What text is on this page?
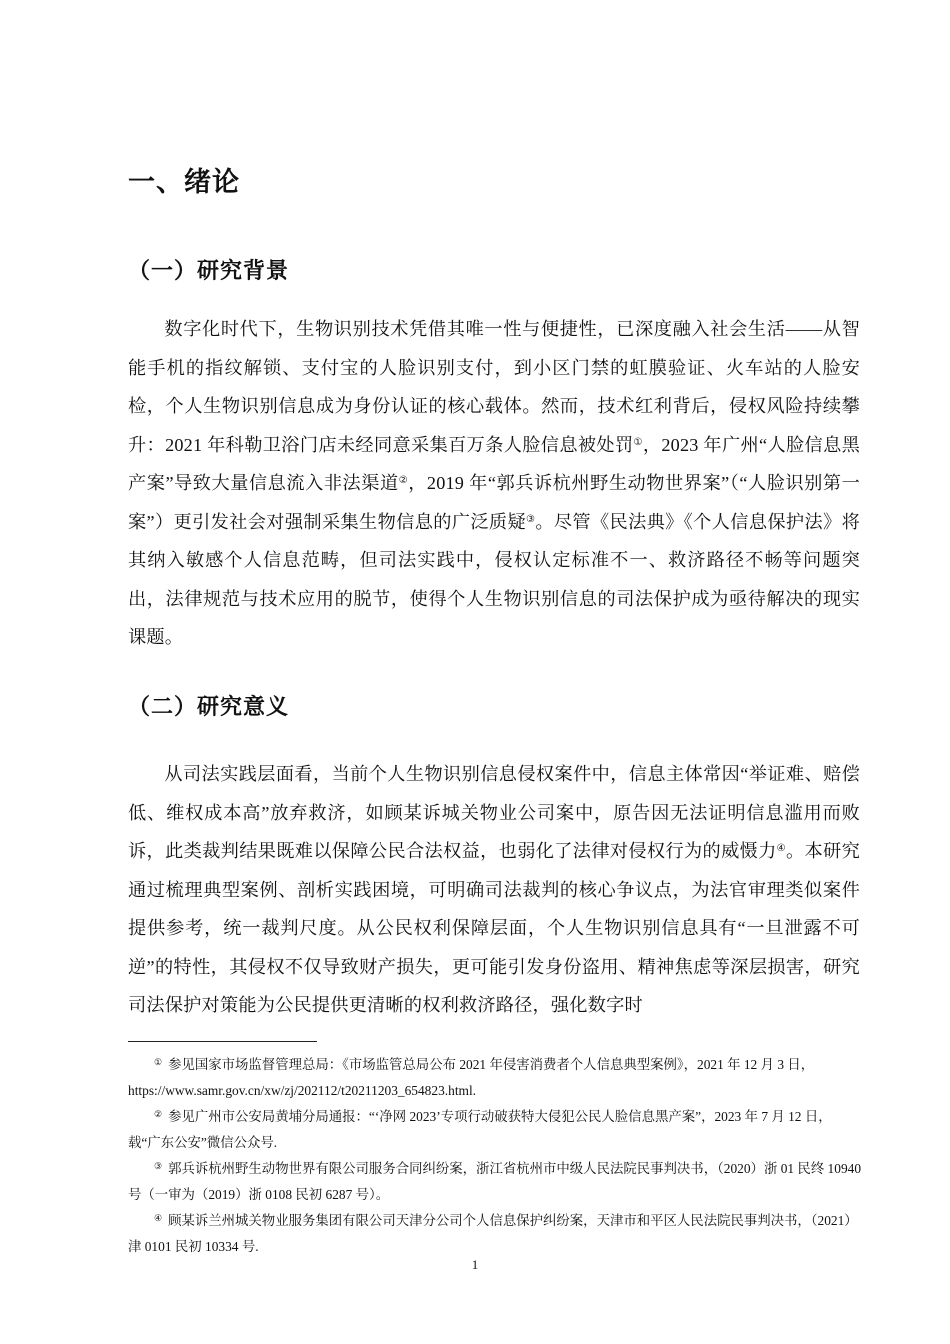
一、绪论
（一）研究背景

数字化时代下，生物识别技术凭借其唯一性与便捷性，已深度融入社会生活——从智能手机的指纹解锁、支付宝的人脸识别支付，到小区门禁的虹膜验证、火车站的人脸安检，个人生物识别信息成为身份认证的核心载体。然而，技术红利背后，侵权风险持续攀升：2021 年科勒卫浴门店未经同意采集百万条人脸信息被处罚①，2023 年广州“人脸信息黑产案”导致大量信息流入非法渠道②，2019 年“郭兵诉杭州野生动物世界案”（“人脸识别第一案”）更引发社会对强制采集生物信息的广泛质疑③。尽管《民法典》《个人信息保护法》将其纳入敏感个人信息范畴，但司法实践中，侵权认定标准不一、救济路径不畅等问题突出，法律规范与技术应用的脱节，使得个人生物识别信息的司法保护成为亟待解决的现实课题。

（二）研究意义

从司法实践层面看，当前个人生物识别信息侵权案件中，信息主体常因“举证难、赔偿低、维权成本高”放弃救济，如顾某诉城关物业公司案中，原告因无法证明信息滥用而败诉，此类裁判结果既难以保障公民合法权益，也弱化了法律对侵权行为的威慑力④。本研究通过梳理典型案例、剖析实践困境，可明确司法裁判的核心争议点，为法官审理类似案件提供参考，统一裁判尺度。从公民权利保障层面，个人生物识别信息具有“一旦泄露不可逆”的特性，其侵权不仅导致财产损失，更可能引发身份盗用、精神焦虑等深层损害，研究司法保护对策能为公民提供更清晰的权利救济路径，强化数字时

① 参见国家市场监督管理总局：《市场监管总局公布 2021 年侵害消费者个人信息典型案例》，2021 年 12 月 3 日，https://www.samr.gov.cn/xw/zj/202112/t20211203_654823.html.

② 参见广州市公安局黄埔分局通报：“‘净网 2023’专项行动破获特大侵犯公民人脸信息黑产案”，2023 年 7 月 12 日，载“广东公安”微信公众号.

③ 郭兵诉杭州野生动物世界有限公司服务合同纠纷案，浙江省杭州市中级人民法院民事判决书，（2020）浙 01 民终 10940 号（一审为（2019）浙 0108 民初 6287 号）。

④ 顾某诉兰州城关物业服务集团有限公司天津分公司个人信息保护纠纷案，天津市和平区人民法院民事判决书，（2021）津 0101 民初 10334 号.

1
